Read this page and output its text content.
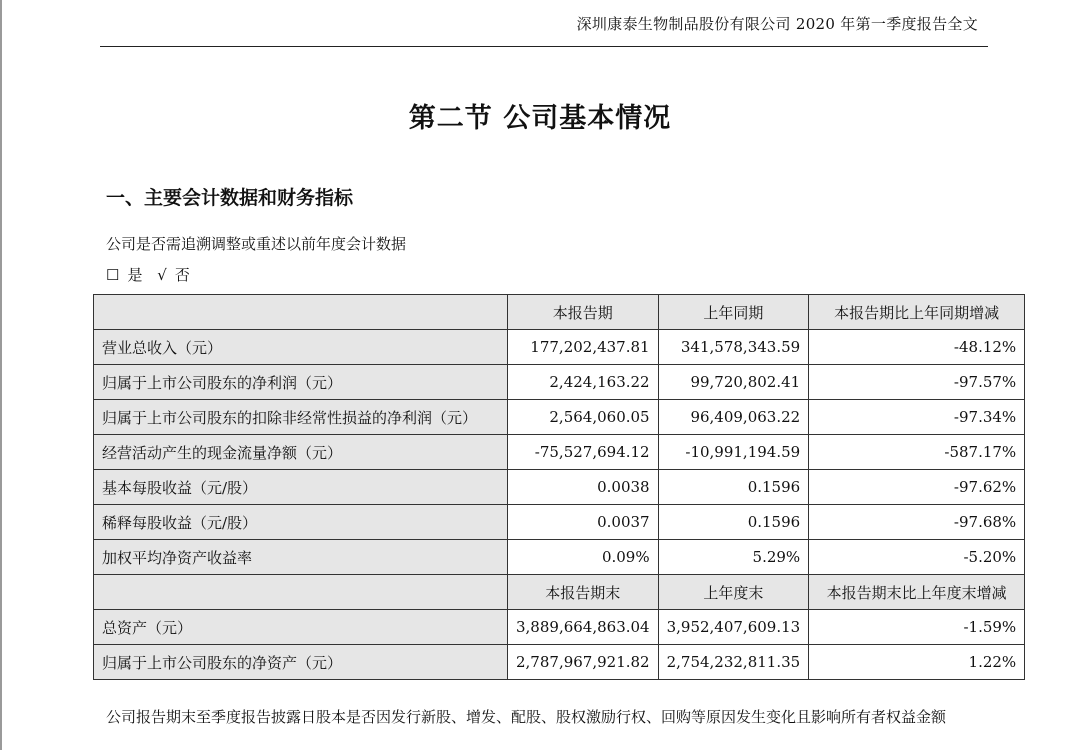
深圳康泰生物制品股份有限公司 2020 年第一季度报告全文
第二节 公司基本情况
一、主要会计数据和财务指标
公司是否需追溯调整或重述以前年度会计数据
☐ 是 √ 否
	本报告期	上年同期	本报告期比上年同期增减
营业总收入（元）	177,202,437.81	341,578,343.59	-48.12%
归属于上市公司股东的净利润（元）	2,424,163.22	99,720,802.41	-97.57%
归属于上市公司股东的扣除非经常性损益的净利润（元）	2,564,060.05	96,409,063.22	-97.34%
经营活动产生的现金流量净额（元）	-75,527,694.12	-10,991,194.59	-587.17%
基本每股收益（元/股）	0.0038	0.1596	-97.62%
稀释每股收益（元/股）	0.0037	0.1596	-97.68%
加权平均净资产收益率	0.09%	5.29%	-5.20%
	本报告期末	上年度末	本报告期末比上年度末增减
总资产（元）	3,889,664,863.04	3,952,407,609.13	-1.59%
归属于上市公司股东的净资产（元）	2,787,967,921.82	2,754,232,811.35	1.22%
公司报告期末至季度报告披露日股本是否因发行新股、增发、配股、股权激励行权、回购等原因发生变化且影响所有者权益金额
